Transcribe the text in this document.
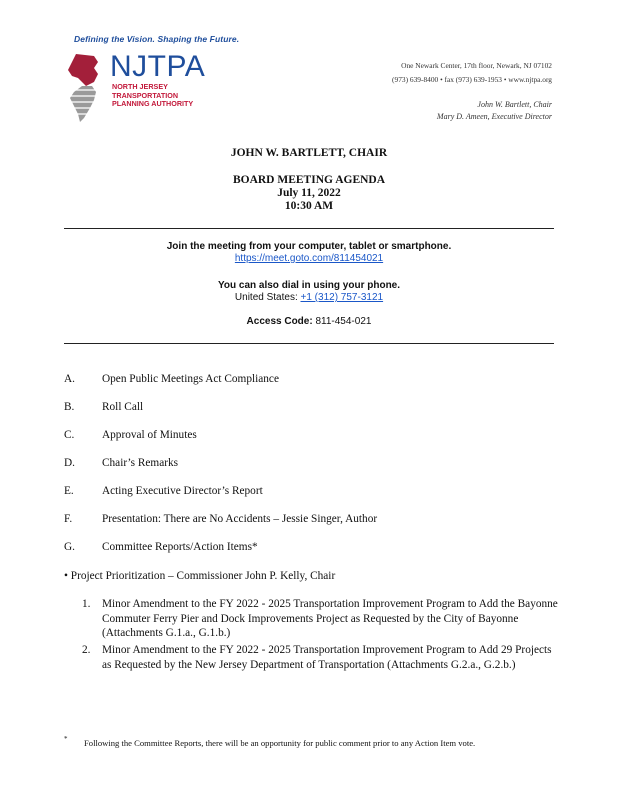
Defining the Vision. Shaping the Future.
NJTPA
NORTH JERSEY
TRANSPORTATION
PLANNING AUTHORITY
One Newark Center, 17th floor, Newark, NJ 07102
(973) 639-8400 • fax (973) 639-1953 • www.njtpa.org
John W. Bartlett, Chair
Mary D. Ameen, Executive Director
JOHN W. BARTLETT, CHAIR
BOARD MEETING AGENDA
July 11, 2022
10:30 AM
Join the meeting from your computer, tablet or smartphone.
https://meet.goto.com/811454021
You can also dial in using your phone.
United States: +1 (312) 757-3121
Access Code: 811-454-021
A. Open Public Meetings Act Compliance
B. Roll Call
C. Approval of Minutes
D. Chair’s Remarks
E.	Acting Executive Director’s Report
F.	Presentation: There are No Accidents – Jessie Singer, Author
G. Committee Reports/Action Items*
• Project Prioritization – Commissioner John P. Kelly, Chair
1. Minor Amendment to the FY 2022 - 2025 Transportation Improvement Program to Add the Bayonne Commuter Ferry Pier and Dock Improvements Project as Requested by the City of Bayonne (Attachments G.1.a., G.1.b.)
2. Minor Amendment to the FY 2022 - 2025 Transportation Improvement Program to Add 29 Projects as Requested by the New Jersey Department of Transportation (Attachments G.2.a., G.2.b.)
* Following the Committee Reports, there will be an opportunity for public comment prior to any Action Item vote.
